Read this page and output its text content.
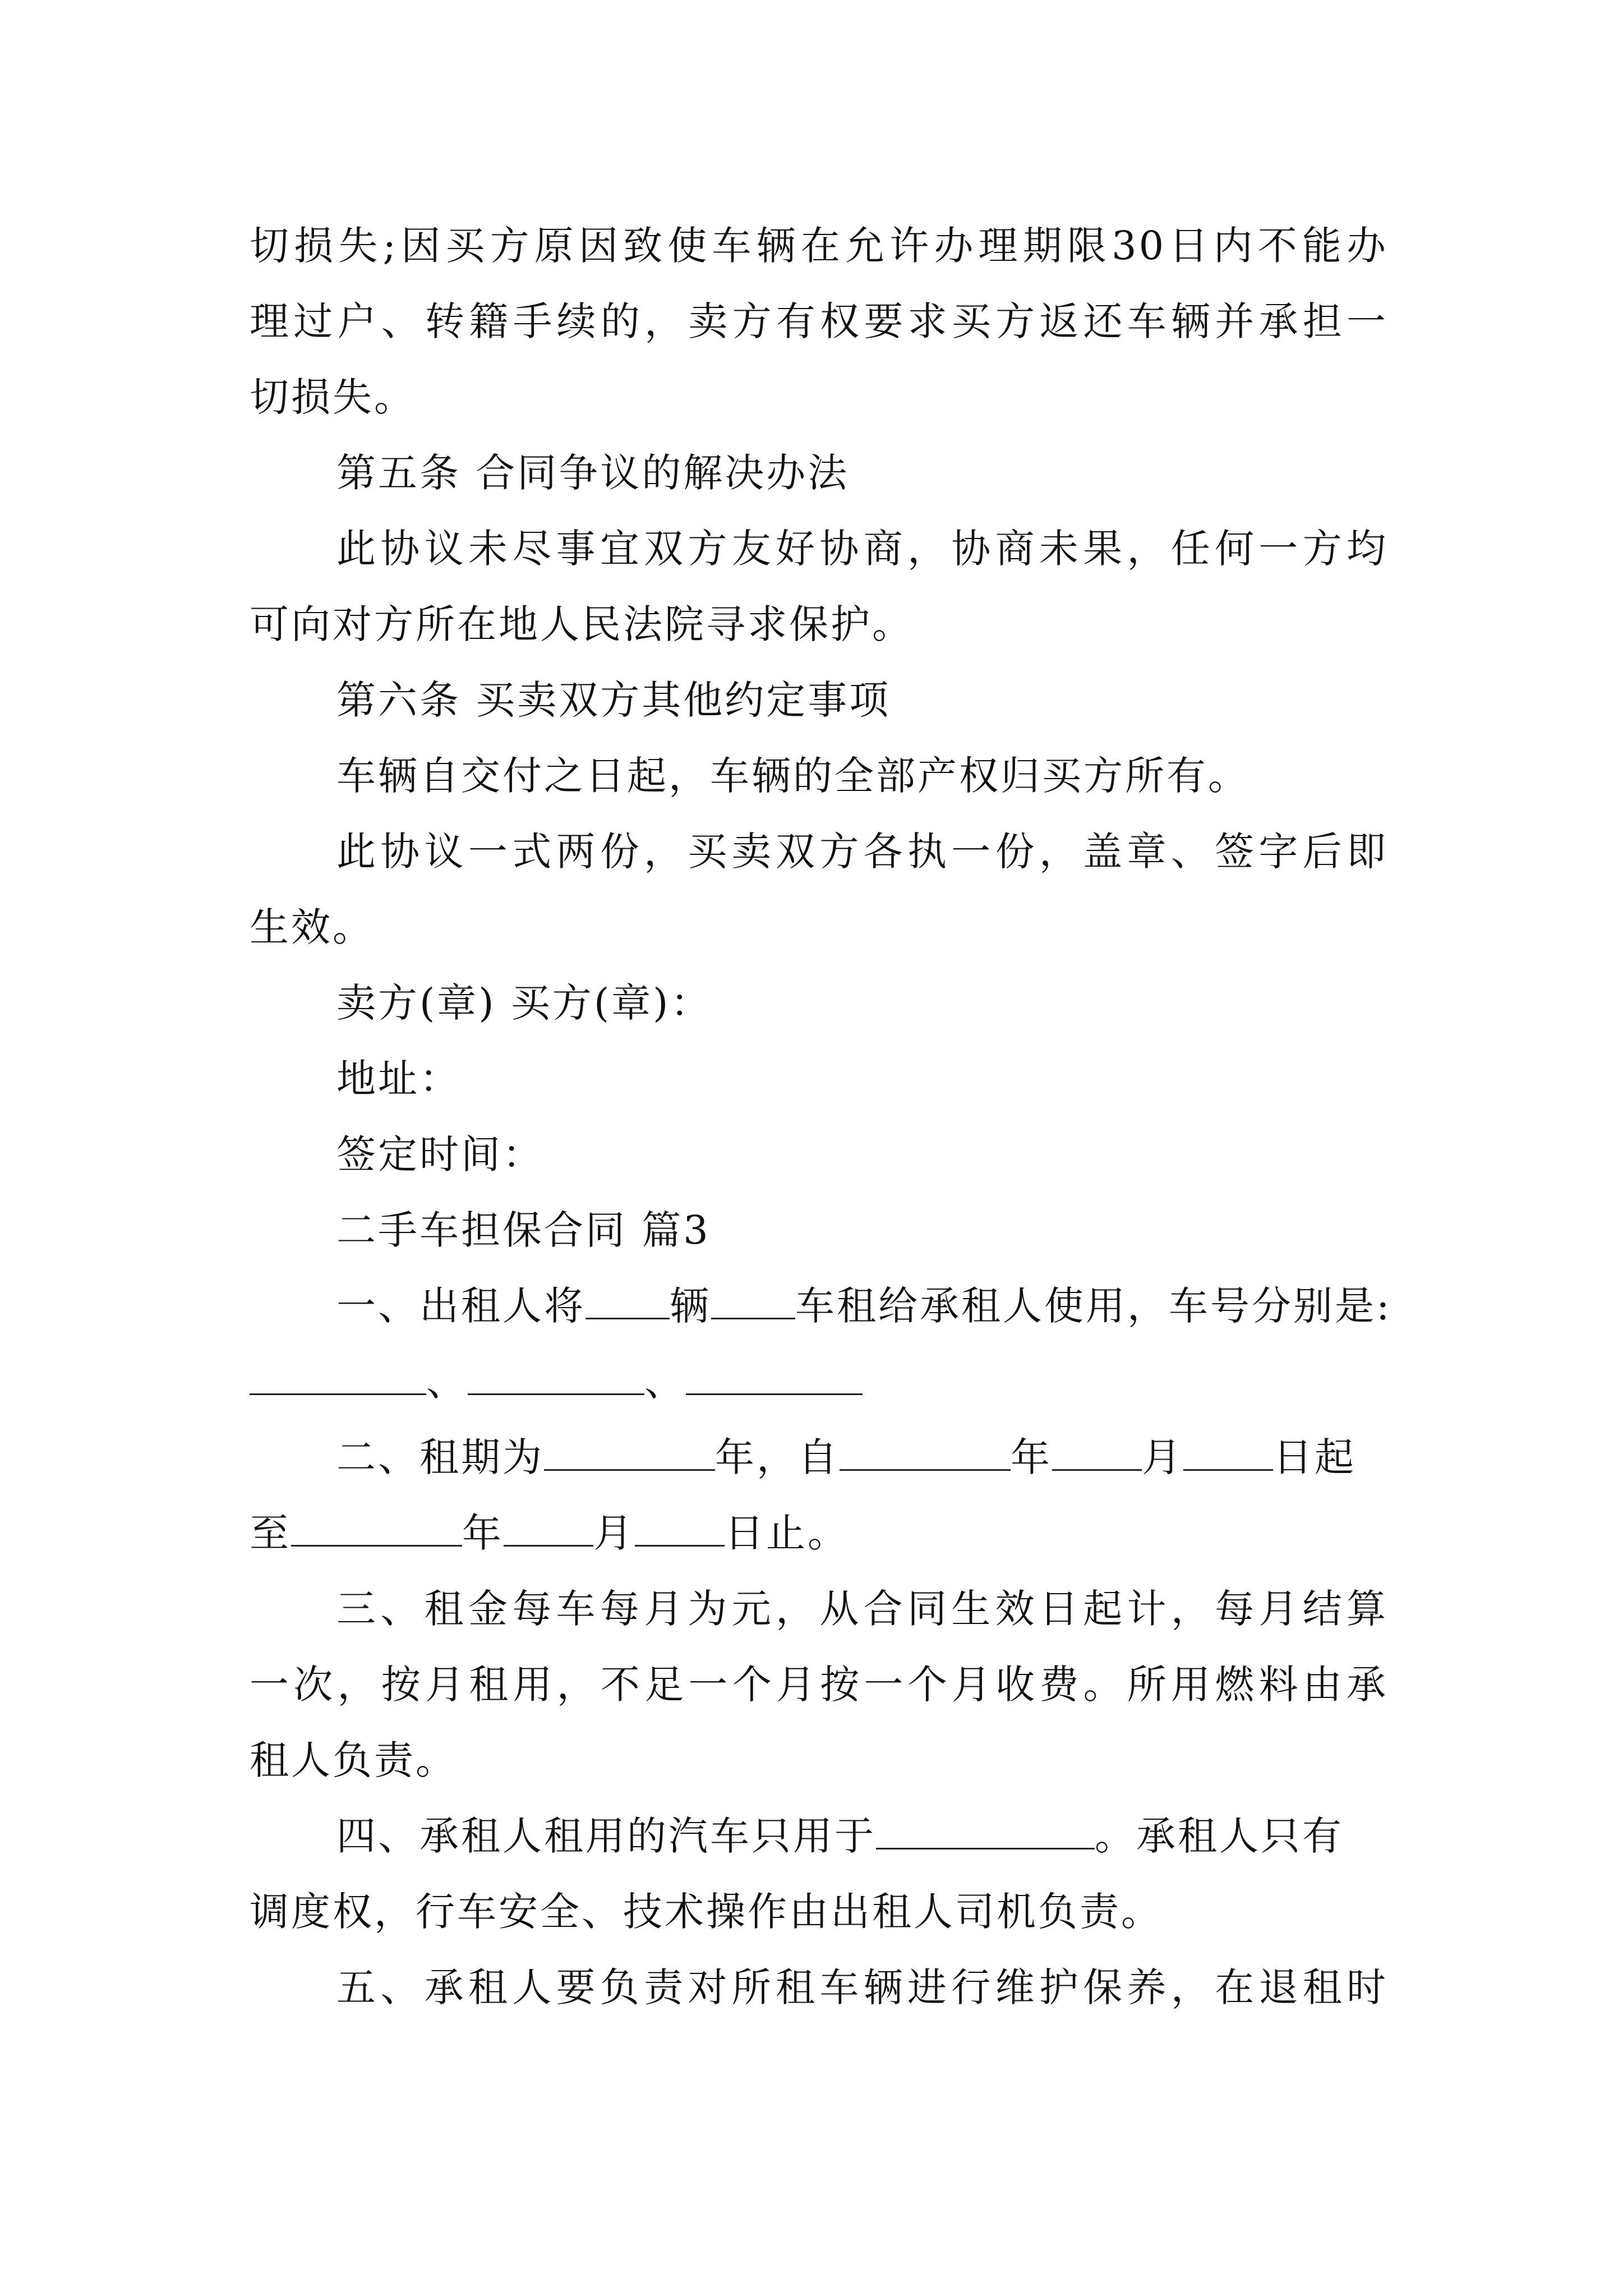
切损失;因买方原因致使车辆在允许办理期限30日内不能办
理过户、转籍手续的，卖方有权要求买方返还车辆并承担一
切损失。
第五条 合同争议的解决办法
此协议未尽事宜双方友好协商，协商未果，任何一方均
可向对方所在地人民法院寻求保护。
第六条 买卖双方其他约定事项
车辆自交付之日起，车辆的全部产权归买方所有。
此协议一式两份，买卖双方各执一份，盖章、签字后即
生效。
卖方(章) 买方(章)：
地址：
签定时间：
二手车担保合同 篇3
一、出租人将 辆 车租给承租人使用，车号分别是:
、	、
二、租期为	年，自	年 月 日起
至	年 月 日止。
三、租金每车每月为元，从合同生效日起计，每月结算
一次，按月租用，不足一个月按一个月收费。所用燃料由承
租人负责。
四、承租人租用的汽车只用于	。承租人只有
调度权，行车安全、技术操作由出租人司机负责。
五、承租人要负责对所租车辆进行维护保养，在退租时
